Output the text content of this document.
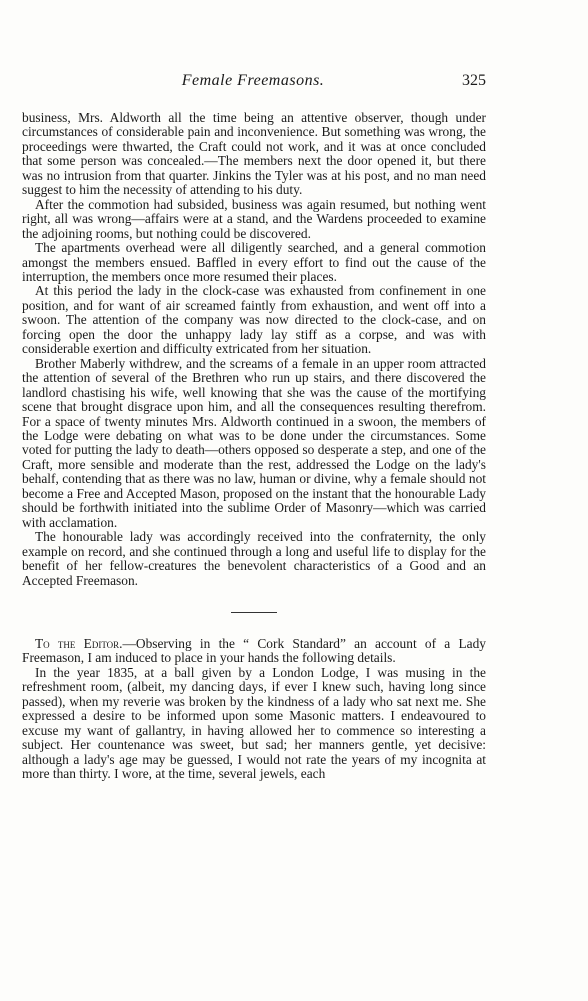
Female Freemasons.	325

business, Mrs. Aldworth all the time being an attentive observer, though under circumstances of considerable pain and inconvenience. But something was wrong, the proceedings were thwarted, the Craft could not work, and it was at once concluded that some person was concealed.—The members next the door opened it, but there was no intrusion from that quarter. Jinkins the Tyler was at his post, and no man need suggest to him the necessity of attending to his duty.

After the commotion had subsided, business was again resumed, but nothing went right, all was wrong—affairs were at a stand, and the Wardens proceeded to examine the adjoining rooms, but nothing could be discovered.

The apartments overhead were all diligently searched, and a general commotion amongst the members ensued. Baffled in every effort to find out the cause of the interruption, the members once more resumed their places.

At this period the lady in the clock-case was exhausted from confinement in one position, and for want of air screamed faintly from exhaustion, and went off into a swoon. The attention of the company was now directed to the clock-case, and on forcing open the door the unhappy lady lay stiff as a corpse, and was with considerable exertion and difficulty extricated from her situation.

Brother Maberly withdrew, and the screams of a female in an upper room attracted the attention of several of the Brethren who run up stairs, and there discovered the landlord chastising his wife, well knowing that she was the cause of the mortifying scene that brought disgrace upon him, and all the consequences resulting therefrom. For a space of twenty minutes Mrs. Aldworth continued in a swoon, the members of the Lodge were debating on what was to be done under the circumstances. Some voted for putting the lady to death—others opposed so desperate a step, and one of the Craft, more sensible and moderate than the rest, addressed the Lodge on the lady's behalf, contending that as there was no law, human or divine, why a female should not become a Free and Accepted Mason, proposed on the instant that the honourable Lady should be forthwith initiated into the sublime Order of Masonry—which was carried with acclamation.

The honourable lady was accordingly received into the confraternity, the only example on record, and she continued through a long and useful life to display for the benefit of her fellow-creatures the benevolent characteristics of a Good and an Accepted Freemason.

To the Editor.—Observing in the “ Cork Standard” an account of a Lady Freemason, I am induced to place in your hands the following details.

In the year 1835, at a ball given by a London Lodge, I was musing in the refreshment room, (albeit, my dancing days, if ever I knew such, having long since passed), when my reverie was broken by the kindness of a lady who sat next me. She expressed a desire to be informed upon some Masonic matters. I endeavoured to excuse my want of gallantry, in having allowed her to commence so interesting a subject. Her countenance was sweet, but sad; her manners gentle, yet decisive: although a lady's age may be guessed, I would not rate the years of my incognita at more than thirty. I wore, at the time, several jewels, each
